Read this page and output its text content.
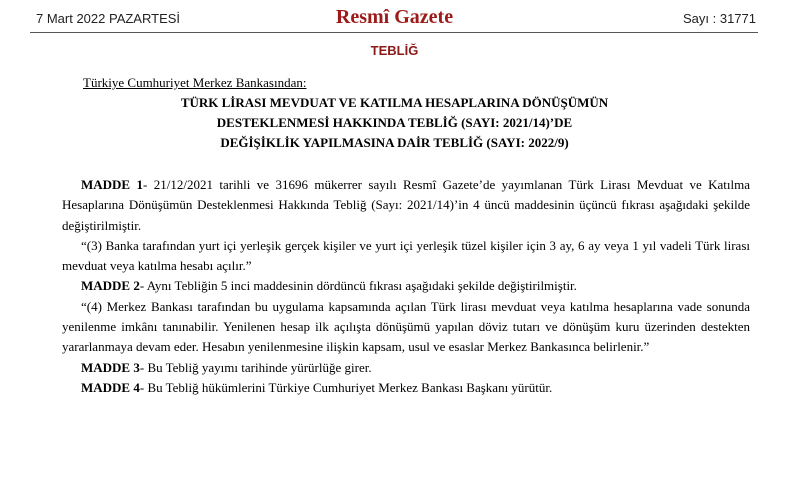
7 Mart 2022 PAZARTESİ	Resmî Gazete	Sayı : 31771
TEBLİĞ
Türkiye Cumhuriyet Merkez Bankasından:
TÜRK LİRASI MEVDUAT VE KATILMA HESAPLARINA DÖNÜŞÜMÜN
DESTEKLENMESİ HAKKINDA TEBLİĞ (SAYI: 2021/14)’DE
DEĞİŞİKLİK YAPILMASINA DAİR TEBLİĞ (SAYI: 2022/9)

MADDE 1- 21/12/2021 tarihli ve 31696 mükerrer sayılı Resmî Gazete’de yayımlanan Türk Lirası Mevduat ve Katılma Hesaplarına Dönüşümün Desteklenmesi Hakkında Tebliğ (Sayı: 2021/14)’in 4 üncü maddesinin üçüncü fıkrası aşağıdaki şekilde değiştirilmiştir.

“(3) Banka tarafından yurt içi yerleşik gerçek kişiler ve yurt içi yerleşik tüzel kişiler için 3 ay, 6 ay veya 1 yıl vadeli Türk lirası mevduat veya katılma hesabı açılır.”

MADDE 2- Aynı Tebliğin 5 inci maddesinin dördüncü fıkrası aşağıdaki şekilde değiştirilmiştir.

“(4) Merkez Bankası tarafından bu uygulama kapsamında açılan Türk lirası mevduat veya katılma hesaplarına vade sonunda yenilenme imkânı tanınabilir. Yenilenen hesap ilk açılışta dönüşümü yapılan döviz tutarı ve dönüşüm kuru üzerinden destekten yararlanmaya devam eder. Hesabın yenilenmesine ilişkin kapsam, usul ve esaslar Merkez Bankasınca belirlenir.”

MADDE 3- Bu Tebliğ yayımı tarihinde yürürlüğe girer.

MADDE 4- Bu Tebliğ hükümlerini Türkiye Cumhuriyet Merkez Bankası Başkanı yürütür.
